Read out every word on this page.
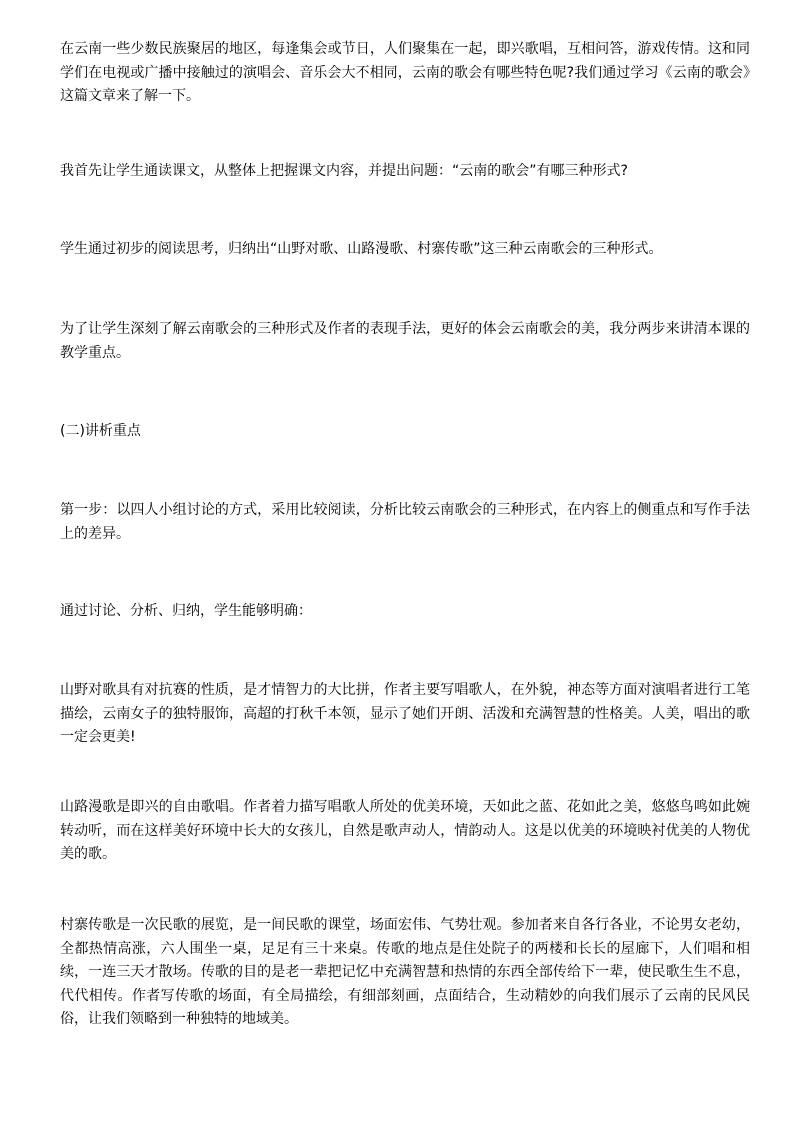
在云南一些少数民族聚居的地区，每逢集会或节日，人们聚集在一起，即兴歌唱，互相问答，游戏传情。这和同学们在电视或广播中接触过的演唱会、音乐会大不相同，云南的歌会有哪些特色呢?我们通过学习《云南的歌会》这篇文章来了解一下。

我首先让学生通读课文，从整体上把握课文内容，并提出问题：“云南的歌会”有哪三种形式?

学生通过初步的阅读思考，归纳出“山野对歌、山路漫歌、村寨传歌”这三种云南歌会的三种形式。

为了让学生深刻了解云南歌会的三种形式及作者的表现手法，更好的体会云南歌会的美，我分两步来讲清本课的教学重点。

(二)讲析重点

第一步：以四人小组讨论的方式，采用比较阅读，分析比较云南歌会的三种形式，在内容上的侧重点和写作手法上的差异。

通过讨论、分析、归纳，学生能够明确：

山野对歌具有对抗赛的性质，是才情智力的大比拼，作者主要写唱歌人，在外貌，神态等方面对演唱者进行工笔描绘，云南女子的独特服饰，高超的打秋千本领，显示了她们开朗、活泼和充满智慧的性格美。人美，唱出的歌一定会更美!

山路漫歌是即兴的自由歌唱。作者着力描写唱歌人所处的优美环境，天如此之蓝、花如此之美，悠悠鸟鸣如此婉转动听，而在这样美好环境中长大的女孩儿，自然是歌声动人，情韵动人。这是以优美的环境映衬优美的人物优美的歌。

村寨传歌是一次民歌的展览，是一间民歌的课堂，场面宏伟、气势壮观。参加者来自各行各业，不论男女老幼，全都热情高涨，六人围坐一桌，足足有三十来桌。传歌的地点是住处院子的两楼和长长的屋廊下，人们唱和相续，一连三天才散场。传歌的目的是老一辈把记忆中充满智慧和热情的东西全部传给下一辈，使民歌生生不息，代代相传。作者写传歌的场面，有全局描绘，有细部刻画，点面结合，生动精妙的向我们展示了云南的民风民俗，让我们领略到一种独特的地域美。
